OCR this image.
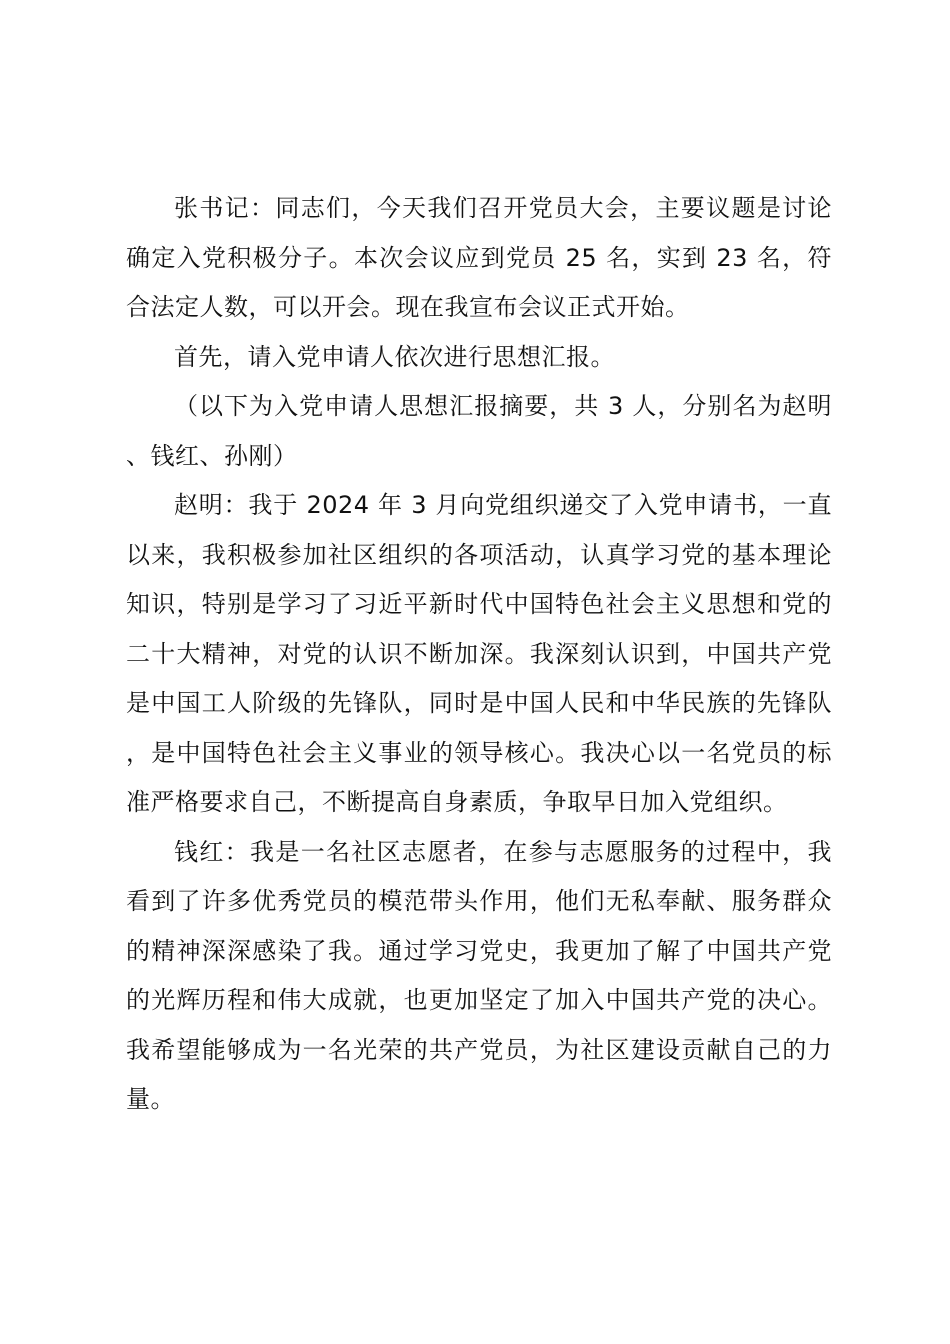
张书记：同志们，今天我们召开党员大会，主要议题是讨论确定入党积极分子。本次会议应到党员 25 名，实到 23 名，符合法定人数，可以开会。现在我宣布会议正式开始。

首先，请入党申请人依次进行思想汇报。

（以下为入党申请人思想汇报摘要，共 3 人，分别名为赵明、钱红、孙刚）

赵明：我于 2024 年 3 月向党组织递交了入党申请书，一直以来，我积极参加社区组织的各项活动，认真学习党的基本理论知识，特别是学习了习近平新时代中国特色社会主义思想和党的二十大精神，对党的认识不断加深。我深刻认识到，中国共产党是中国工人阶级的先锋队，同时是中国人民和中华民族的先锋队，是中国特色社会主义事业的领导核心。我决心以一名党员的标准严格要求自己，不断提高自身素质，争取早日加入党组织。

钱红：我是一名社区志愿者，在参与志愿服务的过程中，我看到了许多优秀党员的模范带头作用，他们无私奉献、服务群众的精神深深感染了我。通过学习党史，我更加了解了中国共产党的光辉历程和伟大成就，也更加坚定了加入中国共产党的决心。我希望能够成为一名光荣的共产党员，为社区建设贡献自己的力量。
